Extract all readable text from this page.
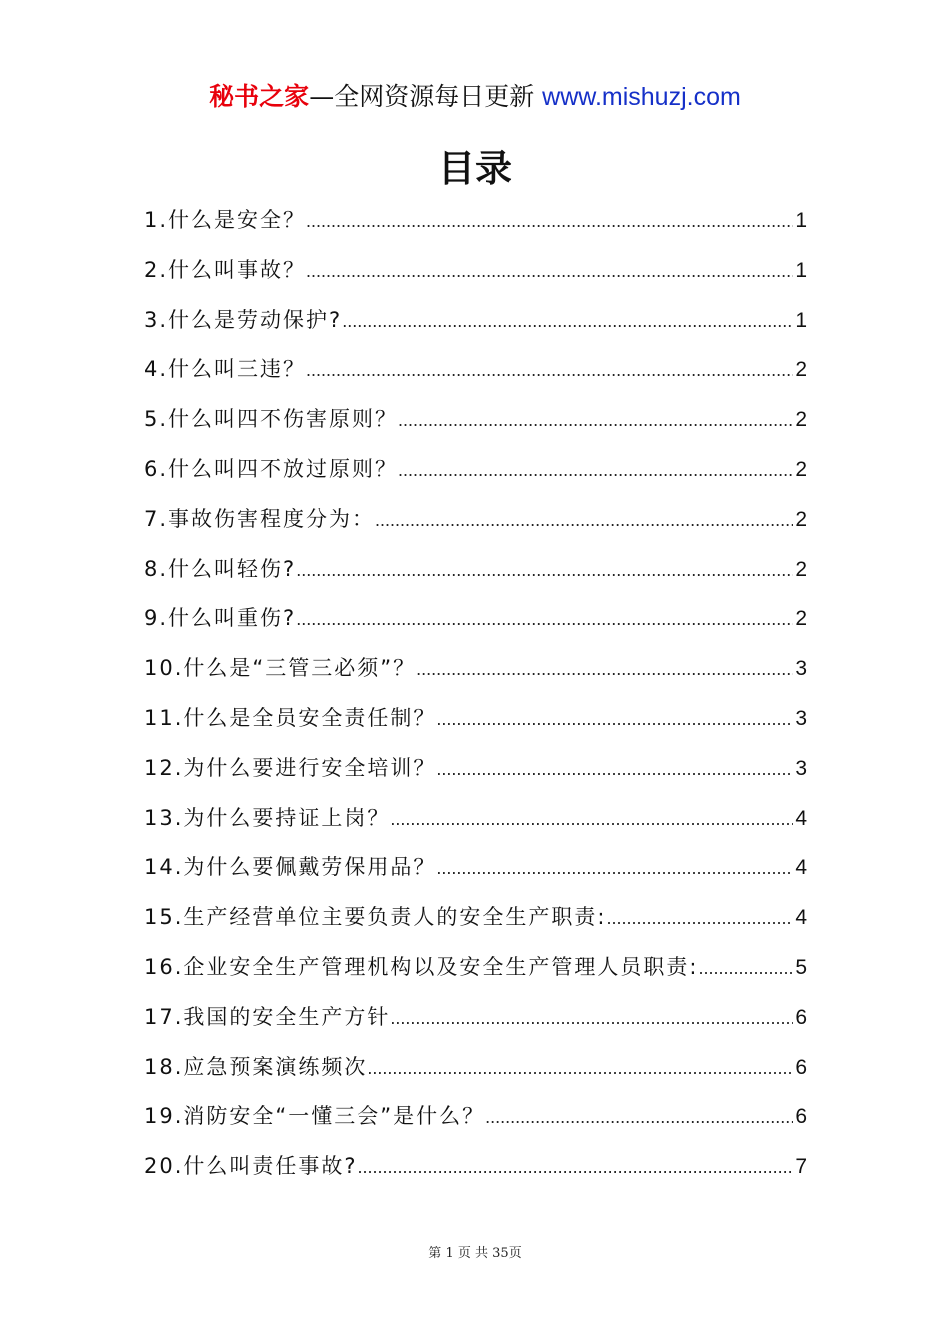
秘书之家—全网资源每日更新 www.mishuzj.com
目录
1.什么是安全？ .....	1
2.什么叫事故？ .....	1
3.什么是劳动保护? .....	1
4.什么叫三违？ .....	2
5.什么叫四不伤害原则？ .....	2
6.什么叫四不放过原则？ .....	2
7.事故伤害程度分为： .....	2
8.什么叫轻伤? .....	2
9.什么叫重伤? .....	2
10.什么是“三管三必须”？ .....	3
11.什么是全员安全责任制？ .....	3
12.为什么要进行安全培训？ .....	3
13.为什么要持证上岗？ .....	4
14.为什么要佩戴劳保用品？ .....	4
15.生产经营单位主要负责人的安全生产职责: .....	4
16.企业安全生产管理机构以及安全生产管理人员职责: .....	5
17.我国的安全生产方针 .....	6
18.应急预案演练频次 .....	6
19.消防安全“一懂三会”是什么？ .....	6
20.什么叫责任事故? .....	7
第 1 页 共 35页
